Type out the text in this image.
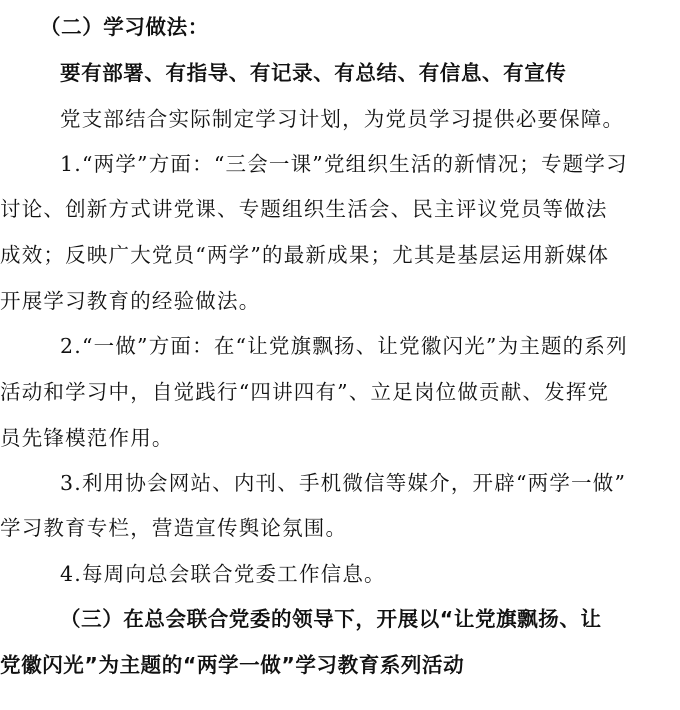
（二）学习做法：
要有部署、有指导、有记录、有总结、有信息、有宣传
党支部结合实际制定学习计划，为党员学习提供必要保障。
1.“两学”方面：“三会一课”党组织生活的新情况；专题学习
讨论、创新方式讲党课、专题组织生活会、民主评议党员等做法
成效；反映广大党员“两学”的最新成果；尤其是基层运用新媒体
开展学习教育的经验做法。
2.“一做”方面：在“让党旗飘扬、让党徽闪光”为主题的系列
活动和学习中，自觉践行“四讲四有”、立足岗位做贡献、发挥党
员先锋模范作用。
3.利用协会网站、内刊、手机微信等媒介，开辟“两学一做”
学习教育专栏，营造宣传舆论氛围。
4.每周向总会联合党委工作信息。
（三）在总会联合党委的领导下，开展以“让党旗飘扬、让
党徽闪光”为主题的“两学一做”学习教育系列活动
